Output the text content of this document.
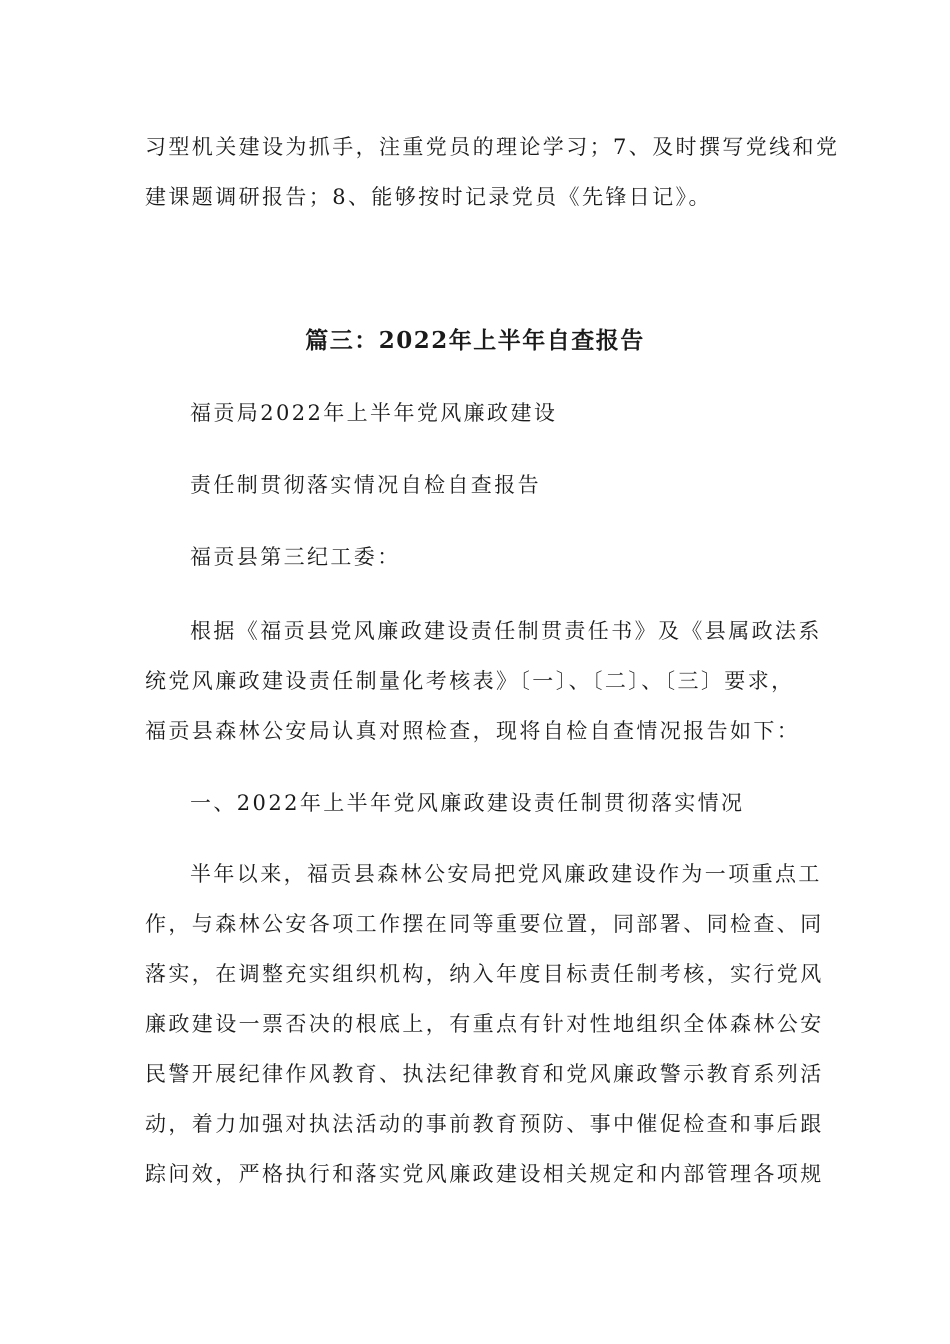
习型机关建设为抓手，注重党员的理论学习；7、及时撰写党线和党
建课题调研报告；8、能够按时记录党员《先锋日记》。
篇三：2022年上半年自查报告
福贡局2022年上半年党风廉政建设
责任制贯彻落实情况自检自查报告
福贡县第三纪工委：
根据《福贡县党风廉政建设责任制贯责任书》及《县属政法系
统党风廉政建设责任制量化考核表》〔一〕、〔二〕、〔三〕要求，
福贡县森林公安局认真对照检查，现将自检自查情况报告如下：
一、2022年上半年党风廉政建设责任制贯彻落实情况
半年以来，福贡县森林公安局把党风廉政建设作为一项重点工
作，与森林公安各项工作摆在同等重要位置，同部署、同检查、同
落实，在调整充实组织机构，纳入年度目标责任制考核，实行党风
廉政建设一票否决的根底上，有重点有针对性地组织全体森林公安
民警开展纪律作风教育、执法纪律教育和党风廉政警示教育系列活
动，着力加强对执法活动的事前教育预防、事中催促检查和事后跟
踪问效，严格执行和落实党风廉政建设相关规定和内部管理各项规
